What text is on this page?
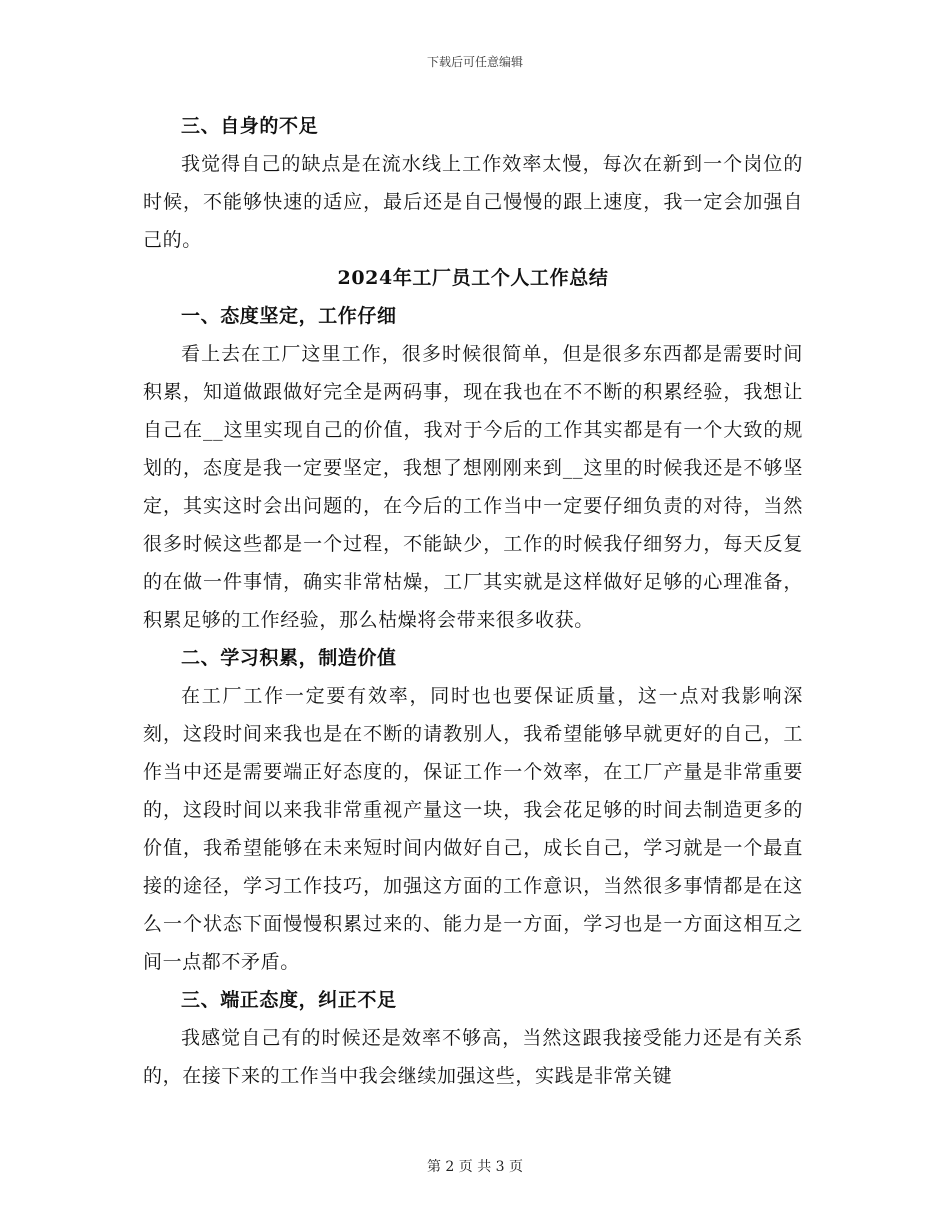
下载后可任意编辑

三、自身的不足

我觉得自己的缺点是在流水线上工作效率太慢，每次在新到一个岗位的时候，不能够快速的适应，最后还是自己慢慢的跟上速度，我一定会加强自己的。

2024年工厂员工个人工作总结

一、态度坚定，工作仔细

看上去在工厂这里工作，很多时候很简单，但是很多东西都是需要时间积累，知道做跟做好完全是两码事，现在我也在不不断的积累经验，我想让自己在__这里实现自己的价值，我对于今后的工作其实都是有一个大致的规划的，态度是我一定要坚定，我想了想刚刚来到__这里的时候我还是不够坚定，其实这时会出问题的，在今后的工作当中一定要仔细负责的对待，当然很多时候这些都是一个过程，不能缺少，工作的时候我仔细努力，每天反复的在做一件事情，确实非常枯燥，工厂其实就是这样做好足够的心理准备，积累足够的工作经验，那么枯燥将会带来很多收获。

二、学习积累，制造价值

在工厂工作一定要有效率，同时也也要保证质量，这一点对我影响深刻，这段时间来我也是在不断的请教别人，我希望能够早就更好的自己，工作当中还是需要端正好态度的，保证工作一个效率，在工厂产量是非常重要的，这段时间以来我非常重视产量这一块，我会花足够的时间去制造更多的价值，我希望能够在未来短时间内做好自己，成长自己，学习就是一个最直接的途径，学习工作技巧，加强这方面的工作意识，当然很多事情都是在这么一个状态下面慢慢积累过来的、能力是一方面，学习也是一方面这相互之间一点都不矛盾。

三、端正态度，纠正不足

我感觉自己有的时候还是效率不够高，当然这跟我接受能力还是有关系的，在接下来的工作当中我会继续加强这些，实践是非常关键

第 2 页 共 3 页
